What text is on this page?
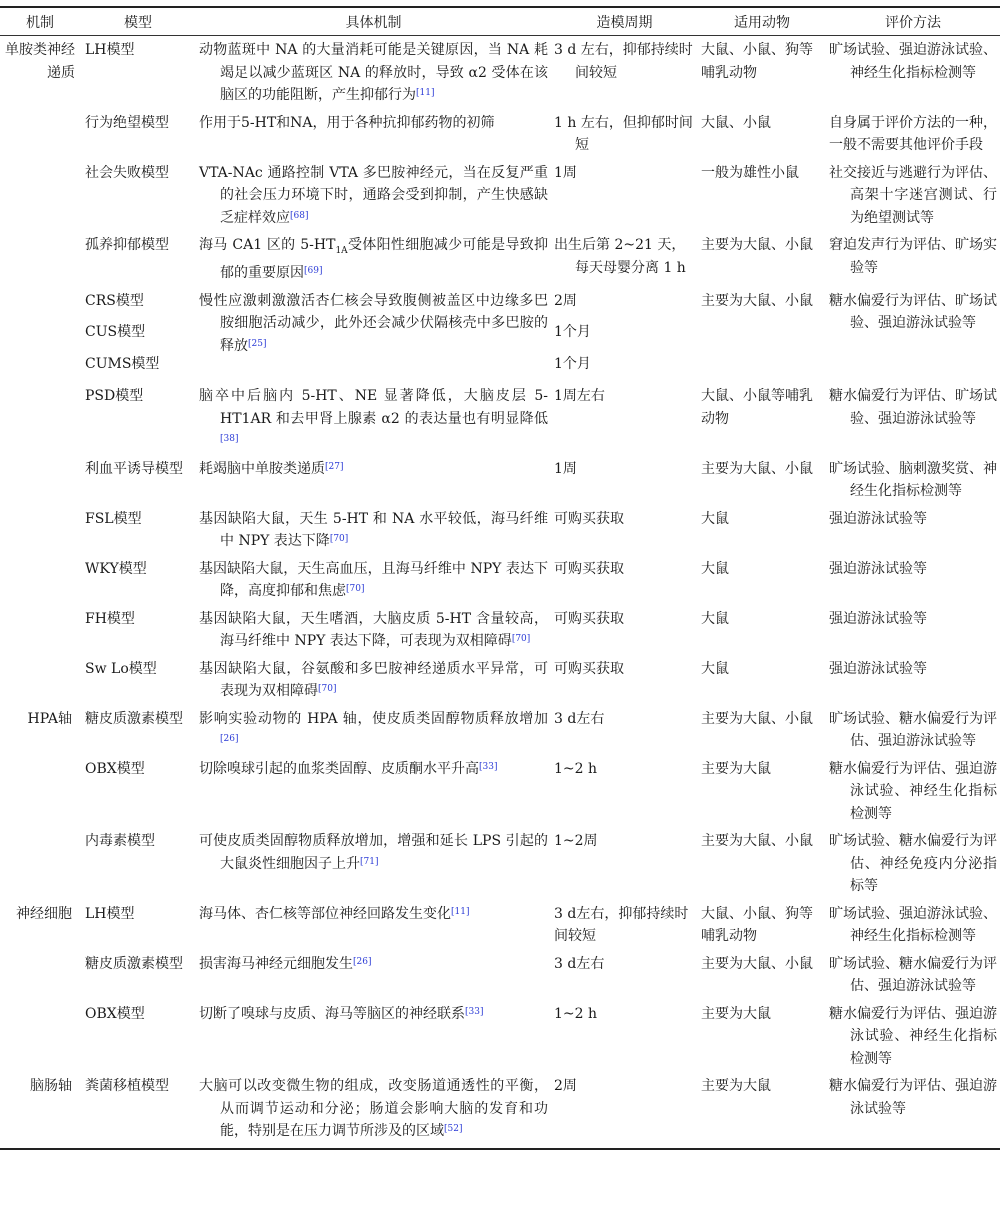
机制	模型	具体机制	造模周期	适用动物	评价方法
单胺类神经递质	LH模型	动物蓝斑中 NA 的大量消耗可能是关键原因，当 NA 耗竭足以减少蓝斑区 NA 的释放时，导致 α2 受体在该脑区的功能阻断，产生抑郁行为[11]	3 d 左右，抑郁持续时间较短	大鼠、小鼠、狗等哺乳动物	旷场试验、强迫游泳试验、神经生化指标检测等
	行为绝望模型	作用于5-HT和NA，用于各种抗抑郁药物的初筛	1 h 左右，但抑郁时间短	大鼠、小鼠	自身属于评价方法的一种，一般不需要其他评价手段
	社会失败模型	VTA-NAc 通路控制 VTA 多巴胺神经元，当在反复严重的社会压力环境下时，通路会受到抑制，产生快感缺乏症样效应[68]	1周	一般为雄性小鼠	社交接近与逃避行为评估、高架十字迷宫测试、行为绝望测试等
	孤养抑郁模型	海马 CA1 区的 $5-HT_{1A}$受体阳性细胞减少可能是导致抑郁的重要原因[69]	出生后第 2~21 天，每天母婴分离 1 h	主要为大鼠、小鼠	窘迫发声行为评估、旷场实验等
	CRS模型	慢性应激刺激激活杏仁核会导致腹侧被盖区中边缘多巴胺细胞活动减少，此外还会减少伏隔核壳中多巴胺的释放[25]	2周	主要为大鼠、小鼠	糖水偏爱行为评估、旷场试验、强迫游泳试验等
	CUS模型		1个月		
	CUMS模型		1个月		
	PSD模型	脑卒中后脑内 5-HT、NE 显著降低，大脑皮层 5-HT1AR 和去甲肾上腺素 α2 的表达量也有明显降低[38]	1周左右	大鼠、小鼠等哺乳动物	糖水偏爱行为评估、旷场试验、强迫游泳试验等
	利血平诱导模型	耗竭脑中单胺类递质[27]	1周	主要为大鼠、小鼠	旷场试验、脑刺激奖赏、神经生化指标检测等
	FSL模型	基因缺陷大鼠，天生 5-HT 和 NA 水平较低，海马纤维中 NPY 表达下降[70]	可购买获取	大鼠	强迫游泳试验等
	WKY模型	基因缺陷大鼠，天生高血压，且海马纤维中 NPY 表达下降，高度抑郁和焦虑[70]	可购买获取	大鼠	强迫游泳试验等
	FH模型	基因缺陷大鼠，天生嗜酒，大脑皮质 5-HT 含量较高，海马纤维中 NPY 表达下降，可表现为双相障碍[70]	可购买获取	大鼠	强迫游泳试验等
	Sw Lo模型	基因缺陷大鼠，谷氨酸和多巴胺神经递质水平异常，可表现为双相障碍[70]	可购买获取	大鼠	强迫游泳试验等
HPA轴	糖皮质激素模型	影响实验动物的 HPA 轴，使皮质类固醇物质释放增加[26]	3 d左右	主要为大鼠、小鼠	旷场试验、糖水偏爱行为评估、强迫游泳试验等
	OBX模型	切除嗅球引起的血浆类固醇、皮质酮水平升高[33]	1~2 h	主要为大鼠	糖水偏爱行为评估、强迫游泳试验、神经生化指标检测等
	内毒素模型	可使皮质类固醇物质释放增加，增强和延长 LPS 引起的大鼠炎性细胞因子上升[71]	1~2周	主要为大鼠、小鼠	旷场试验、糖水偏爱行为评估、神经免疫内分泌指标等
神经细胞	LH模型	海马体、杏仁核等部位神经回路发生变化[11]	3 d左右，抑郁持续时间较短	大鼠、小鼠、狗等哺乳动物	旷场试验、强迫游泳试验、神经生化指标检测等
	糖皮质激素模型	损害海马神经元细胞发生[26]	3 d左右	主要为大鼠、小鼠	旷场试验、糖水偏爱行为评估、强迫游泳试验等
	OBX模型	切断了嗅球与皮质、海马等脑区的神经联系[33]	1~2 h	主要为大鼠	糖水偏爱行为评估、强迫游泳试验、神经生化指标检测等
脑肠轴	粪菌移植模型	大脑可以改变微生物的组成，改变肠道通透性的平衡，从而调节运动和分泌；肠道会影响大脑的发育和功能，特别是在压力调节所涉及的区域[52]	2周	主要为大鼠	糖水偏爱行为评估、强迫游泳试验等
